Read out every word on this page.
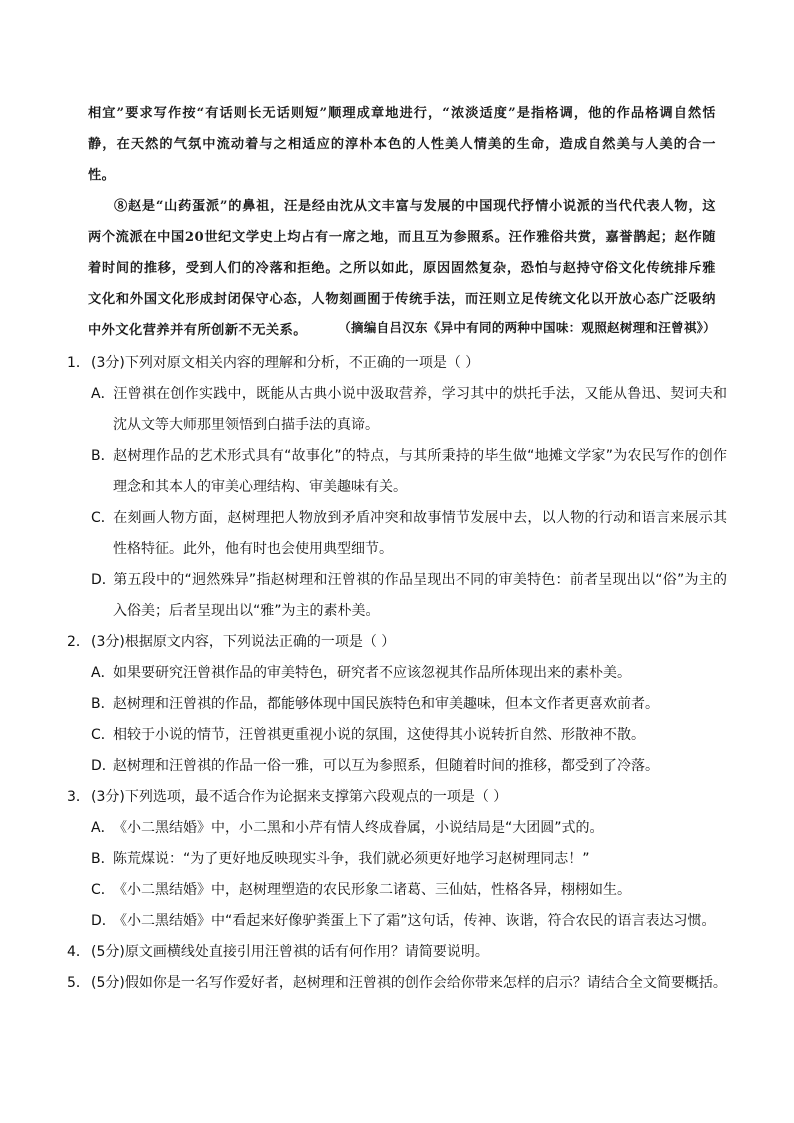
相宜”要求写作按“有话则长无话则短”顺理成章地进行，“浓淡适度”是指格调，他的作品格调自然恬静，在天然的气氛中流动着与之相适应的淳朴本色的人性美人情美的生命，造成自然美与人美的合一性。

⑧赵是“山药蛋派”的鼻祖，汪是经由沈从文丰富与发展的中国现代抒情小说派的当代代表人物，这两个流派在中国20世纪文学史上均占有一席之地，而且互为参照系。汪作雅俗共赏，嘉誉鹊起；赵作随着时间的推移，受到人们的冷落和拒绝。之所以如此，原因固然复杂，恐怕与赵持守俗文化传统排斥雅文化和外国文化形成封闭保守心态，人物刻画囿于传统手法，而汪则立足传统文化以开放心态广泛吸纳中外文化营养并有所创新不无关系。	（摘编自吕汉东《异中有同的两种中国味：观照赵树理和汪曾祺》）
1． (3分)下列对原文相关内容的理解和分析，不正确的一项是（ ）

A．汪曾祺在创作实践中，既能从古典小说中汲取营养，学习其中的烘托手法，又能从鲁迅、契诃夫和沈从文等大师那里领悟到白描手法的真谛。

B．赵树理作品的艺术形式具有“故事化”的特点，与其所秉持的毕生做“地摊文学家”为农民写作的创作理念和其本人的审美心理结构、审美趣味有关。

C．在刻画人物方面，赵树理把人物放到矛盾冲突和故事情节发展中去，以人物的行动和语言来展示其性格特征。此外，他有时也会使用典型细节。

D．第五段中的“迥然殊异”指赵树理和汪曾祺的作品呈现出不同的审美特色：前者呈现出以“俗”为主的入俗美；后者呈现出以“雅”为主的素朴美。

2． (3分)根据原文内容，下列说法正确的一项是（ ）

A．如果要研究汪曾祺作品的审美特色，研究者不应该忽视其作品所体现出来的素朴美。

B．赵树理和汪曾祺的作品，都能够体现中国民族特色和审美趣味，但本文作者更喜欢前者。

C．相较于小说的情节，汪曾祺更重视小说的氛围，这使得其小说转折自然、形散神不散。

D．赵树理和汪曾祺的作品一俗一雅，可以互为参照系，但随着时间的推移，都受到了冷落。

3． (3分)下列选项，最不适合作为论据来支撑第六段观点的一项是（ ）

A．《小二黑结婚》中，小二黑和小芹有情人终成眷属，小说结局是“大团圆”式的。

B．陈荒煤说：“为了更好地反映现实斗争，我们就必须更好地学习赵树理同志！”

C．《小二黑结婚》中，赵树理塑造的农民形象二诸葛、三仙姑，性格各异，栩栩如生。

D．《小二黑结婚》中“看起来好像驴粪蛋上下了霜”这句话，传神、诙谐，符合农民的语言表达习惯。

4． (5分)原文画横线处直接引用汪曾祺的话有何作用？请简要说明。
5． (5分)假如你是一名写作爱好者，赵树理和汪曾祺的创作会给你带来怎样的启示？请结合全文简要概括。
